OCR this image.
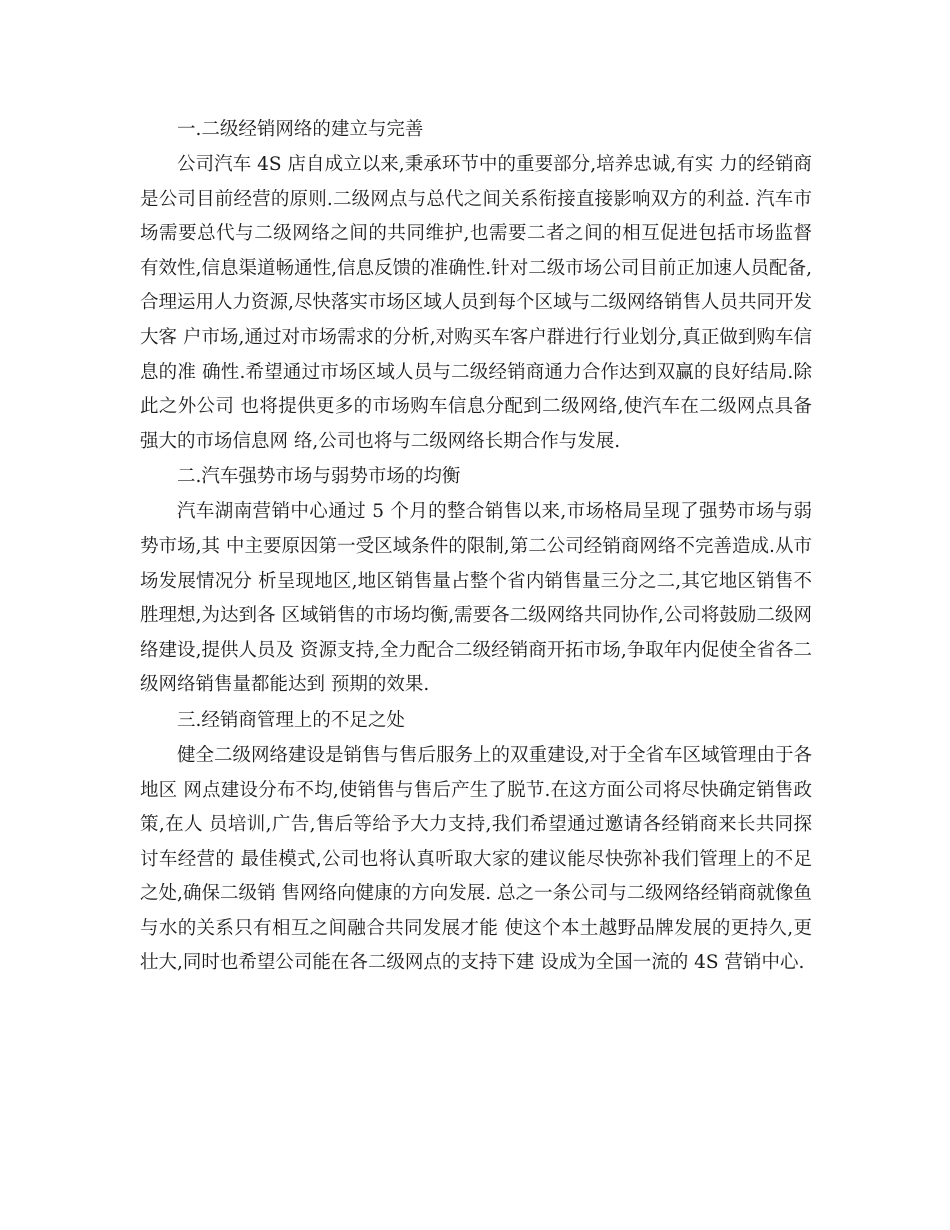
一.二级经销网络的建立与完善

公司汽车 4S 店自成立以来,秉承环节中的重要部分,培养忠诚,有实 力的经销商是公司目前经营的原则.二级网点与总代之间关系衔接直接影响双方的利益. 汽车市场需要总代与二级网络之间的共同维护,也需要二者之间的相互促进包括市场监督 有效性,信息渠道畅通性,信息反馈的准确性.针对二级市场公司目前正加速人员配备, 合理运用人力资源,尽快落实市场区域人员到每个区域与二级网络销售人员共同开发大客 户市场,通过对市场需求的分析,对购买车客户群进行行业划分,真正做到购车信息的准 确性.希望通过市场区域人员与二级经销商通力合作达到双赢的良好结局.除此之外公司 也将提供更多的市场购车信息分配到二级网络,使汽车在二级网点具备强大的市场信息网 络,公司也将与二级网络长期合作与发展.

二.汽车强势市场与弱势市场的均衡

汽车湖南营销中心通过 5 个月的整合销售以来,市场格局呈现了强势市场与弱势市场,其 中主要原因第一受区域条件的限制,第二公司经销商网络不完善造成.从市场发展情况分 析呈现地区,地区销售量占整个省内销售量三分之二,其它地区销售不胜理想,为达到各 区域销售的市场均衡,需要各二级网络共同协作,公司将鼓励二级网络建设,提供人员及 资源支持,全力配合二级经销商开拓市场,争取年内促使全省各二级网络销售量都能达到 预期的效果.

三.经销商管理上的不足之处

健全二级网络建设是销售与售后服务上的双重建设,对于全省车区域管理由于各地区 网点建设分布不均,使销售与售后产生了脱节.在这方面公司将尽快确定销售政策,在人 员培训,广告,售后等给予大力支持,我们希望通过邀请各经销商来长共同探讨车经营的 最佳模式,公司也将认真听取大家的建议能尽快弥补我们管理上的不足之处,确保二级销 售网络向健康的方向发展. 总之一条公司与二级网络经销商就像鱼与水的关系只有相互之间融合共同发展才能 使这个本土越野品牌发展的更持久,更壮大,同时也希望公司能在各二级网点的支持下建 设成为全国一流的 4S 营销中心.
